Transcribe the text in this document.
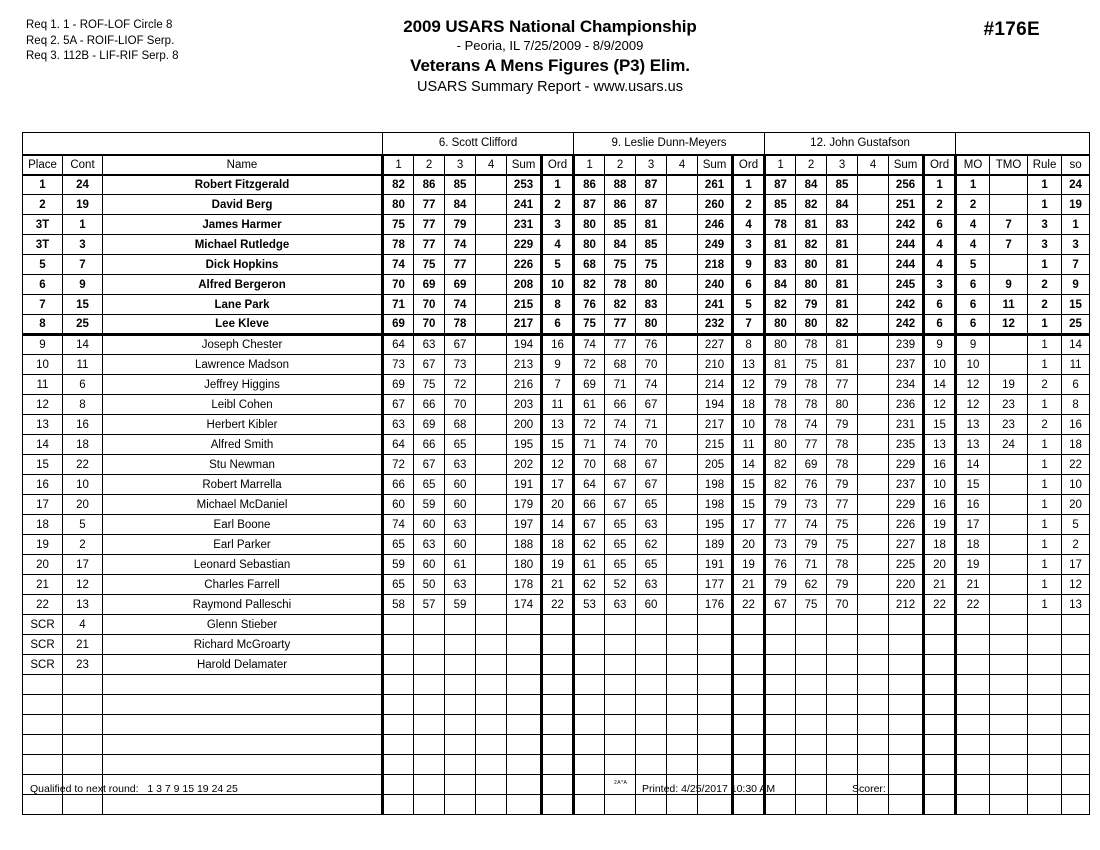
Req 1. 1 - ROF-LOF Circle 8
Req 2. 5A - ROIF-LIOF Serp.
Req 3. 112B - LIF-RIF Serp. 8
2009 USARS National Championship
- Peoria, IL 7/25/2009 - 8/9/2009
Veterans A Mens Figures (P3) Elim.
USARS Summary Report - www.usars.us
#176E
			6. Scott Clifford						9. Leslie Dunn-Meyers						12. John Gustafson									
Place	Cont	Name	1	2	3	4	Sum	Ord	1	2	3	4	Sum	Ord	1	2	3	4	Sum	Ord	MO	TMO	Rule	so
1	24	Robert Fitzgerald	82	86	85		253	1	86	88	87		261	1	87	84	85		256	1	1		1	24
2	19	David Berg	80	77	84		241	2	87	86	87		260	2	85	82	84		251	2	2		1	19
3T	1	James Harmer	75	77	79		231	3	80	85	81		246	4	78	81	83		242	6	4	7	3	1
3T	3	Michael Rutledge	78	77	74		229	4	80	84	85		249	3	81	82	81		244	4	4	7	3	3
5	7	Dick Hopkins	74	75	77		226	5	68	75	75		218	9	83	80	81		244	4	5		1	7
6	9	Alfred Bergeron	70	69	69		208	10	82	78	80		240	6	84	80	81		245	3	6	9	2	9
7	15	Lane Park	71	70	74		215	8	76	82	83		241	5	82	79	81		242	6	6	11	2	15
8	25	Lee Kleve	69	70	78		217	6	75	77	80		232	7	80	80	82		242	6	6	12	1	25
9	14	Joseph Chester	64	63	67		194	16	74	77	76		227	8	80	78	81		239	9	9		1	14
10	11	Lawrence Madson	73	67	73		213	9	72	68	70		210	13	81	75	81		237	10	10		1	11
11	6	Jeffrey Higgins	69	75	72		216	7	69	71	74		214	12	79	78	77		234	14	12	19	2	6
12	8	Leibl Cohen	67	66	70		203	11	61	66	67		194	18	78	78	80		236	12	12	23	1	8
13	16	Herbert Kibler	63	69	68		200	13	72	74	71		217	10	78	74	79		231	15	13	23	2	16
14	18	Alfred Smith	64	66	65		195	15	71	74	70		215	11	80	77	78		235	13	13	24	1	18
15	22	Stu Newman	72	67	63		202	12	70	68	67		205	14	82	69	78		229	16	14		1	22
16	10	Robert Marrella	66	65	60		191	17	64	67	67		198	15	82	76	79		237	10	15		1	10
17	20	Michael McDaniel	60	59	60		179	20	66	67	65		198	15	79	73	77		229	16	16		1	20
18	5	Earl Boone	74	60	63		197	14	67	65	63		195	17	77	74	75		226	19	17		1	5
19	2	Earl Parker	65	63	60		188	18	62	65	62		189	20	73	79	75		227	18	18		1	2
20	17	Leonard Sebastian	59	60	61		180	19	61	65	65		191	19	76	71	78		225	20	19		1	17
21	12	Charles Farrell	65	50	63		178	21	62	52	63		177	21	79	62	79		220	21	21		1	12
22	13	Raymond Palleschi	58	57	59		174	22	53	63	60		176	22	67	75	70		212	22	22		1	13
SCR	4	Glenn Stieber																						
SCR	21	Richard McGroarty																						
SCR	23	Harold Delamater																						

Qualified to next round: 1 3 7 9 15 19 24 25	2A*A Printed: 4/25/2017 10:30 AM	Scorer:
